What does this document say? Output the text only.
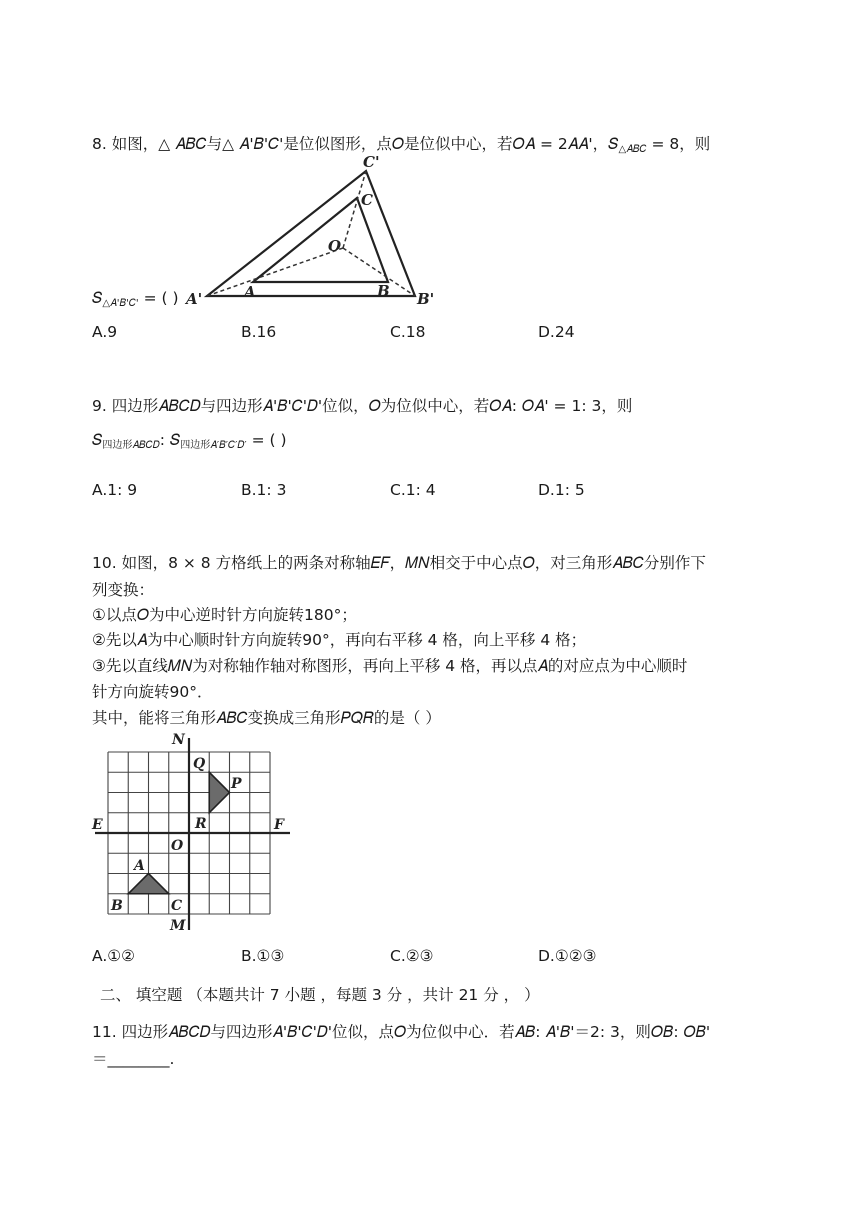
8. 如图，△ 𝐴𝐵𝐶与△ 𝐴'𝐵'𝐶'是位似图形，点𝑂是位似中心，若𝑂𝐴 = 2𝐴𝐴'，𝑆$_{\triangle 𝐴𝐵𝐶}$ = 8，则
C'
C
O
A'	A	B B'
𝑆$_{\triangle 𝐴'𝐵'𝐶'}$ = ( )
A.9	B.16	C.18	D.24
9. 四边形𝐴𝐵𝐶𝐷与四边形𝐴'𝐵'𝐶'𝐷'位似，𝑂为位似中心，若𝑂𝐴: 𝑂𝐴' = 1: 3，则
𝑆$_{四边形𝐴𝐵𝐶𝐷}$: 𝑆$_{四边形𝐴'𝐵'𝐶'𝐷'}$ = ( )
A.1: 9	B.1: 3	C.1: 4	D.1: 5
10. 如图，8 × 8 方格纸上的两条对称轴𝐸𝐹，𝑀𝑁相交于中心点𝑂，对三角形𝐴𝐵𝐶分别作下
列变换：
①以点𝑂为中心逆时针方向旋转180°；
②先以𝐴为中心顺时针方向旋转90°，再向右平移 4 格，向上平移 4 格；
③先以直线𝑀𝑁为对称轴作轴对称图形，再向上平移 4 格，再以点𝐴的对应点为中心顺时
针方向旋转90°．
其中，能将三角形𝐴𝐵𝐶变换成三角形𝑃𝑄𝑅的是（ ）
N
Q
P
E	R	F
O
A
B	C
M
A.①②	B.①③	C.②③	D.①②③
二、 填空题 （本题共计 7 小题 ，每题 3 分 ，共计 21 分 ， ）
11. 四边形𝐴𝐵𝐶𝐷与四边形𝐴'𝐵'𝐶'𝐷'位似，点𝑂为位似中心．若𝐴𝐵: 𝐴'𝐵'＝2: 3，则𝑂𝐵: 𝑂𝐵'
＝________.
